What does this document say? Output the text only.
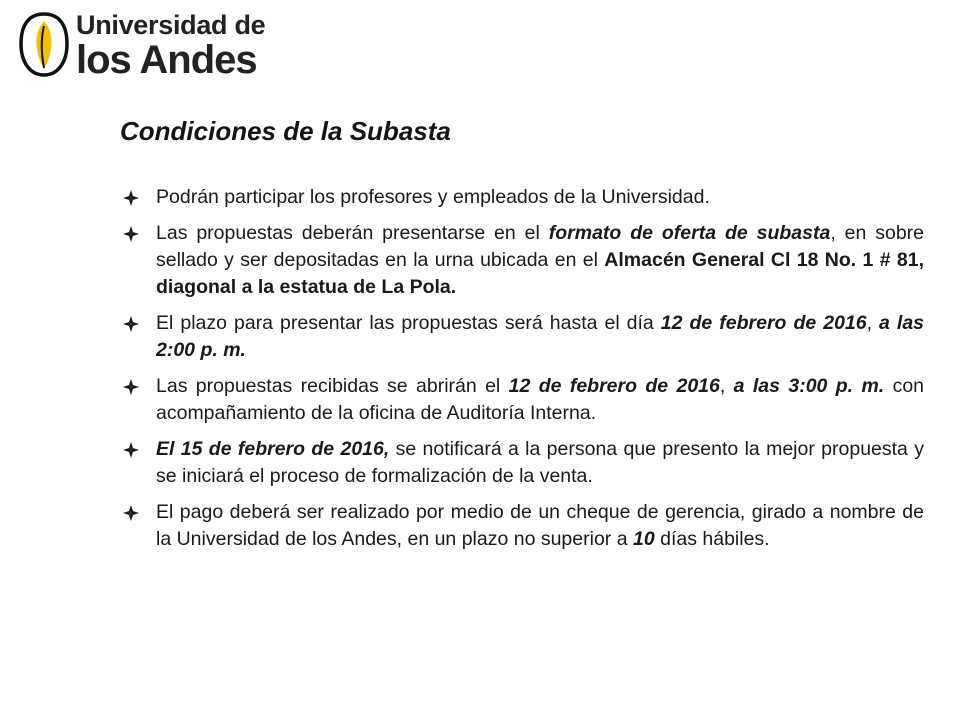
Universidad de
los Andes
Condiciones de la Subasta
Podrán participar los profesores y empleados de la Universidad.
Las propuestas deberán presentarse en el formato de oferta de subasta, en sobre sellado y ser depositadas en la urna ubicada en el Almacén General Cl 18 No. 1 # 81, diagonal a la estatua de La Pola.
El plazo para presentar las propuestas será hasta el día 12 de febrero de 2016, a las 2:00 p. m.
Las propuestas recibidas se abrirán el 12 de febrero de 2016, a las 3:00 p. m. con acompañamiento de la oficina de Auditoría Interna.
El 15 de febrero de 2016, se notificará a la persona que presento la mejor propuesta y se iniciará el proceso de formalización de la venta.
El pago deberá ser realizado por medio de un cheque de gerencia, girado a nombre de la Universidad de los Andes, en un plazo no superior a 10 días hábiles.
